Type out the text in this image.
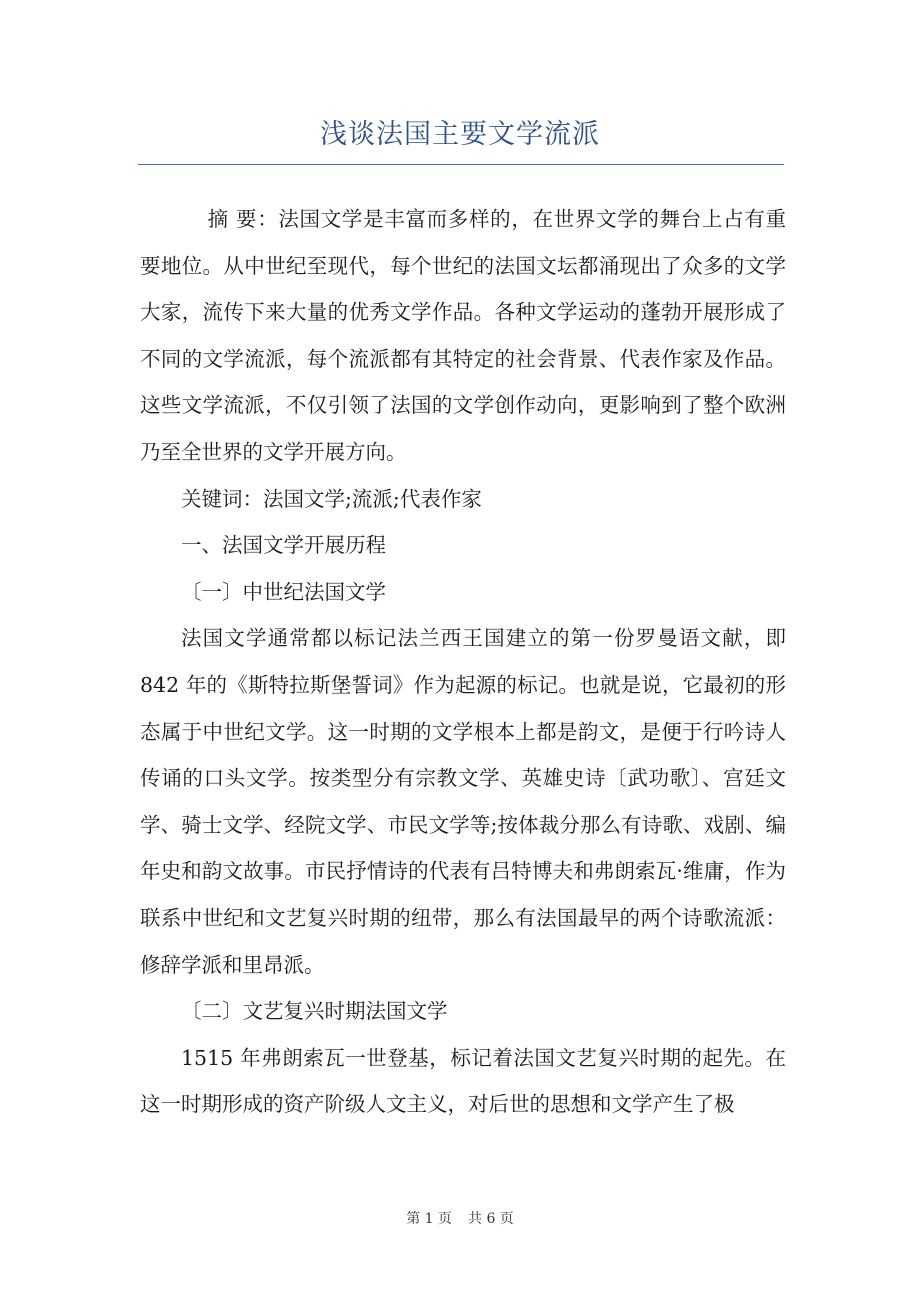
浅谈法国主要文学流派

摘 要：法国文学是丰富而多样的，在世界文学的舞台上占有重要地位。从中世纪至现代，每个世纪的法国文坛都涌现出了众多的文学大家，流传下来大量的优秀文学作品。各种文学运动的蓬勃开展形成了不同的文学流派，每个流派都有其特定的社会背景、代表作家及作品。这些文学流派，不仅引领了法国的文学创作动向，更影响到了整个欧洲乃至全世界的文学开展方向。

关键词：法国文学;流派;代表作家

一、法国文学开展历程

〔一〕中世纪法国文学

法国文学通常都以标记法兰西王国建立的第一份罗曼语文献，即 842 年的《斯特拉斯堡誓词》作为起源的标记。也就是说，它最初的形态属于中世纪文学。这一时期的文学根本上都是韵文，是便于行吟诗人传诵的口头文学。按类型分有宗教文学、英雄史诗〔武功歌〕、宫廷文学、骑士文学、经院文学、市民文学等;按体裁分那么有诗歌、戏剧、编年史和韵文故事。市民抒情诗的代表有吕特博夫和弗朗索瓦·维庸，作为联系中世纪和文艺复兴时期的纽带，那么有法国最早的两个诗歌流派：修辞学派和里昂派。

〔二〕文艺复兴时期法国文学

1515 年弗朗索瓦一世登基，标记着法国文艺复兴时期的起先。在这一时期形成的资产阶级人文主义，对后世的思想和文学产生了极

第 1 页 共 6 页
